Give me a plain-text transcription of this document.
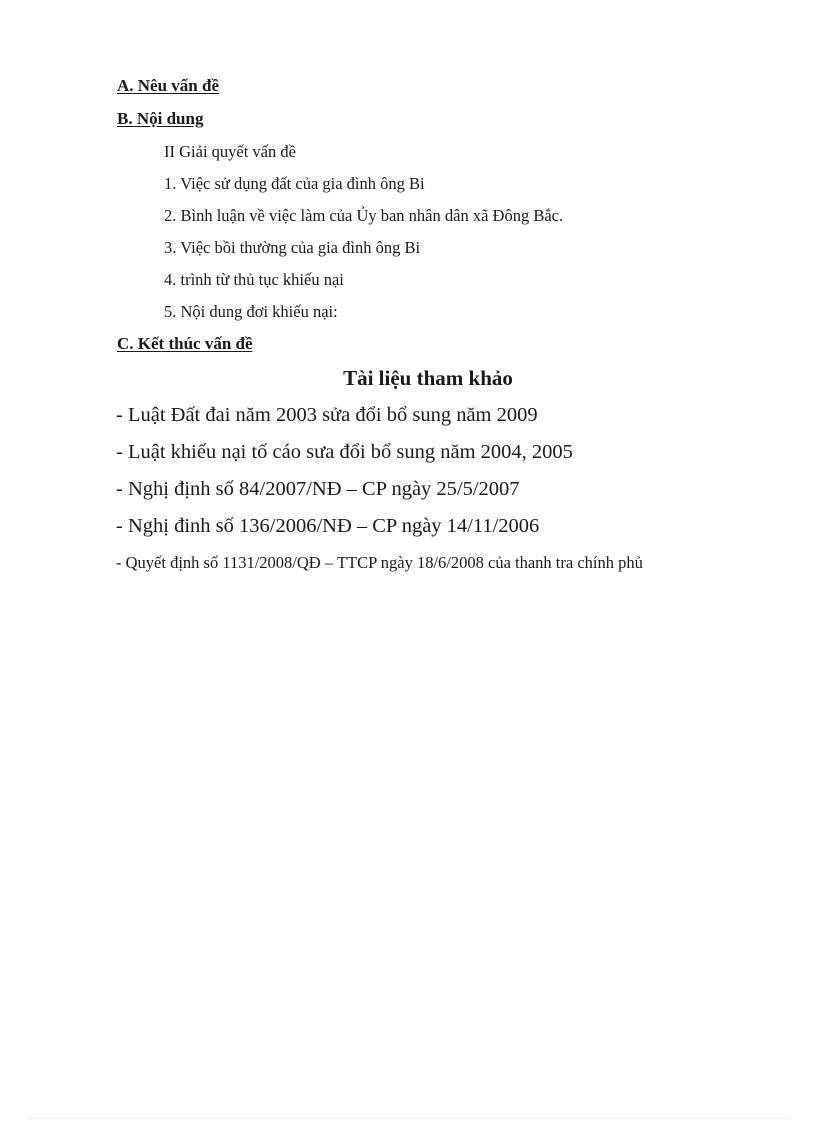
A. Nêu vấn đề
B. Nội dung
II Giải quyết vấn đề
1. Việc sử dụng đất của gia đình ông Bi
2. Bình luận về việc làm của Ủy ban nhân dân xã Đông Bắc.
3. Việc bồi thường của gia đình ông Bi
4. trình từ thủ tục khiếu nại
5. Nội dung đơi khiếu nại:
C. Kết thúc vấn đề
Tài liệu tham khảo
- Luật Đất đai năm 2003 sửa đổi bổ sung năm 2009
- Luật khiếu nại tố cáo sưa đổi bổ sung năm 2004, 2005
- Nghị định số 84/2007/NĐ – CP ngày 25/5/2007
- Nghị đinh số 136/2006/NĐ – CP ngày 14/11/2006
- Quyết định số 1131/2008/QĐ – TTCP ngày 18/6/2008 của thanh tra chính phủ
